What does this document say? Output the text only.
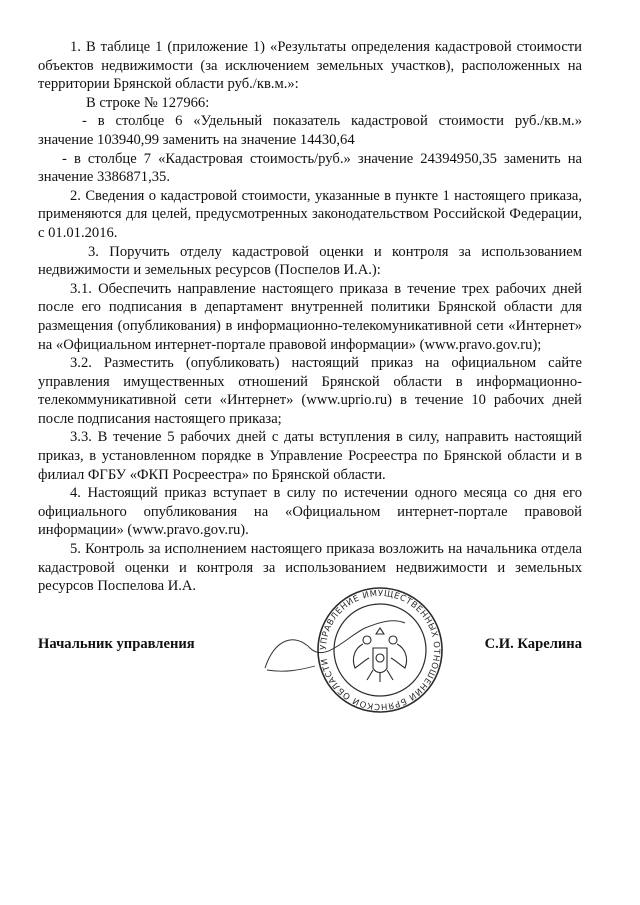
1. В таблице 1 (приложение 1) «Результаты определения кадастровой стоимости объектов недвижимости (за исключением земельных участков), расположенных на территории Брянской области руб./кв.м.»:

В строке № 127966:

- в столбце 6 «Удельный показатель кадастровой стоимости руб./кв.м.» значение 103940,99 заменить на значение 14430,64

- в столбце 7 «Кадастровая стоимость/руб.» значение 24394950,35 заменить на значение 3386871,35.

2. Сведения о кадастровой стоимости, указанные в пункте 1 настоящего приказа, применяются для целей, предусмотренных законодательством Российской Федерации, с 01.01.2016.

3. Поручить отделу кадастровой оценки и контроля за использованием недвижимости и земельных ресурсов (Поспелов И.А.):

3.1. Обеспечить направление настоящего приказа в течение трех рабочих дней после его подписания в департамент внутренней политики Брянской области для размещения (опубликования) в информационно-телекомуникативной сети «Интернет» на «Официальном интернет-портале правовой информации» (www.pravo.gov.ru);

3.2. Разместить (опубликовать) настоящий приказ на официальном сайте управления имущественных отношений Брянской области в информационно-телекоммуникативной сети «Интернет» (www.uprio.ru) в течение 10 рабочих дней после подписания настоящего приказа;

3.3. В течение 5 рабочих дней с даты вступления в силу, направить настоящий приказ, в установленном порядке в Управление Росреестра по Брянской области и в филиал ФГБУ «ФКП Росреестра» по Брянской области.

4. Настоящий приказ вступает в силу по истечении одного месяца со дня его официального опубликования на «Официальном интернет-портале правовой информации» (www.pravo.gov.ru).

5. Контроль за исполнением настоящего приказа возложить на начальника отдела кадастровой оценки и контроля за использованием недвижимости и земельных ресурсов Поспелова И.А.

Начальник управления	С.И. Карелина
УПРАВЛЕНИЕ ИМУЩЕСТВЕННЫХ ОТНОШЕНИЙ БРЯНСКОЙ ОБЛАСТИ
